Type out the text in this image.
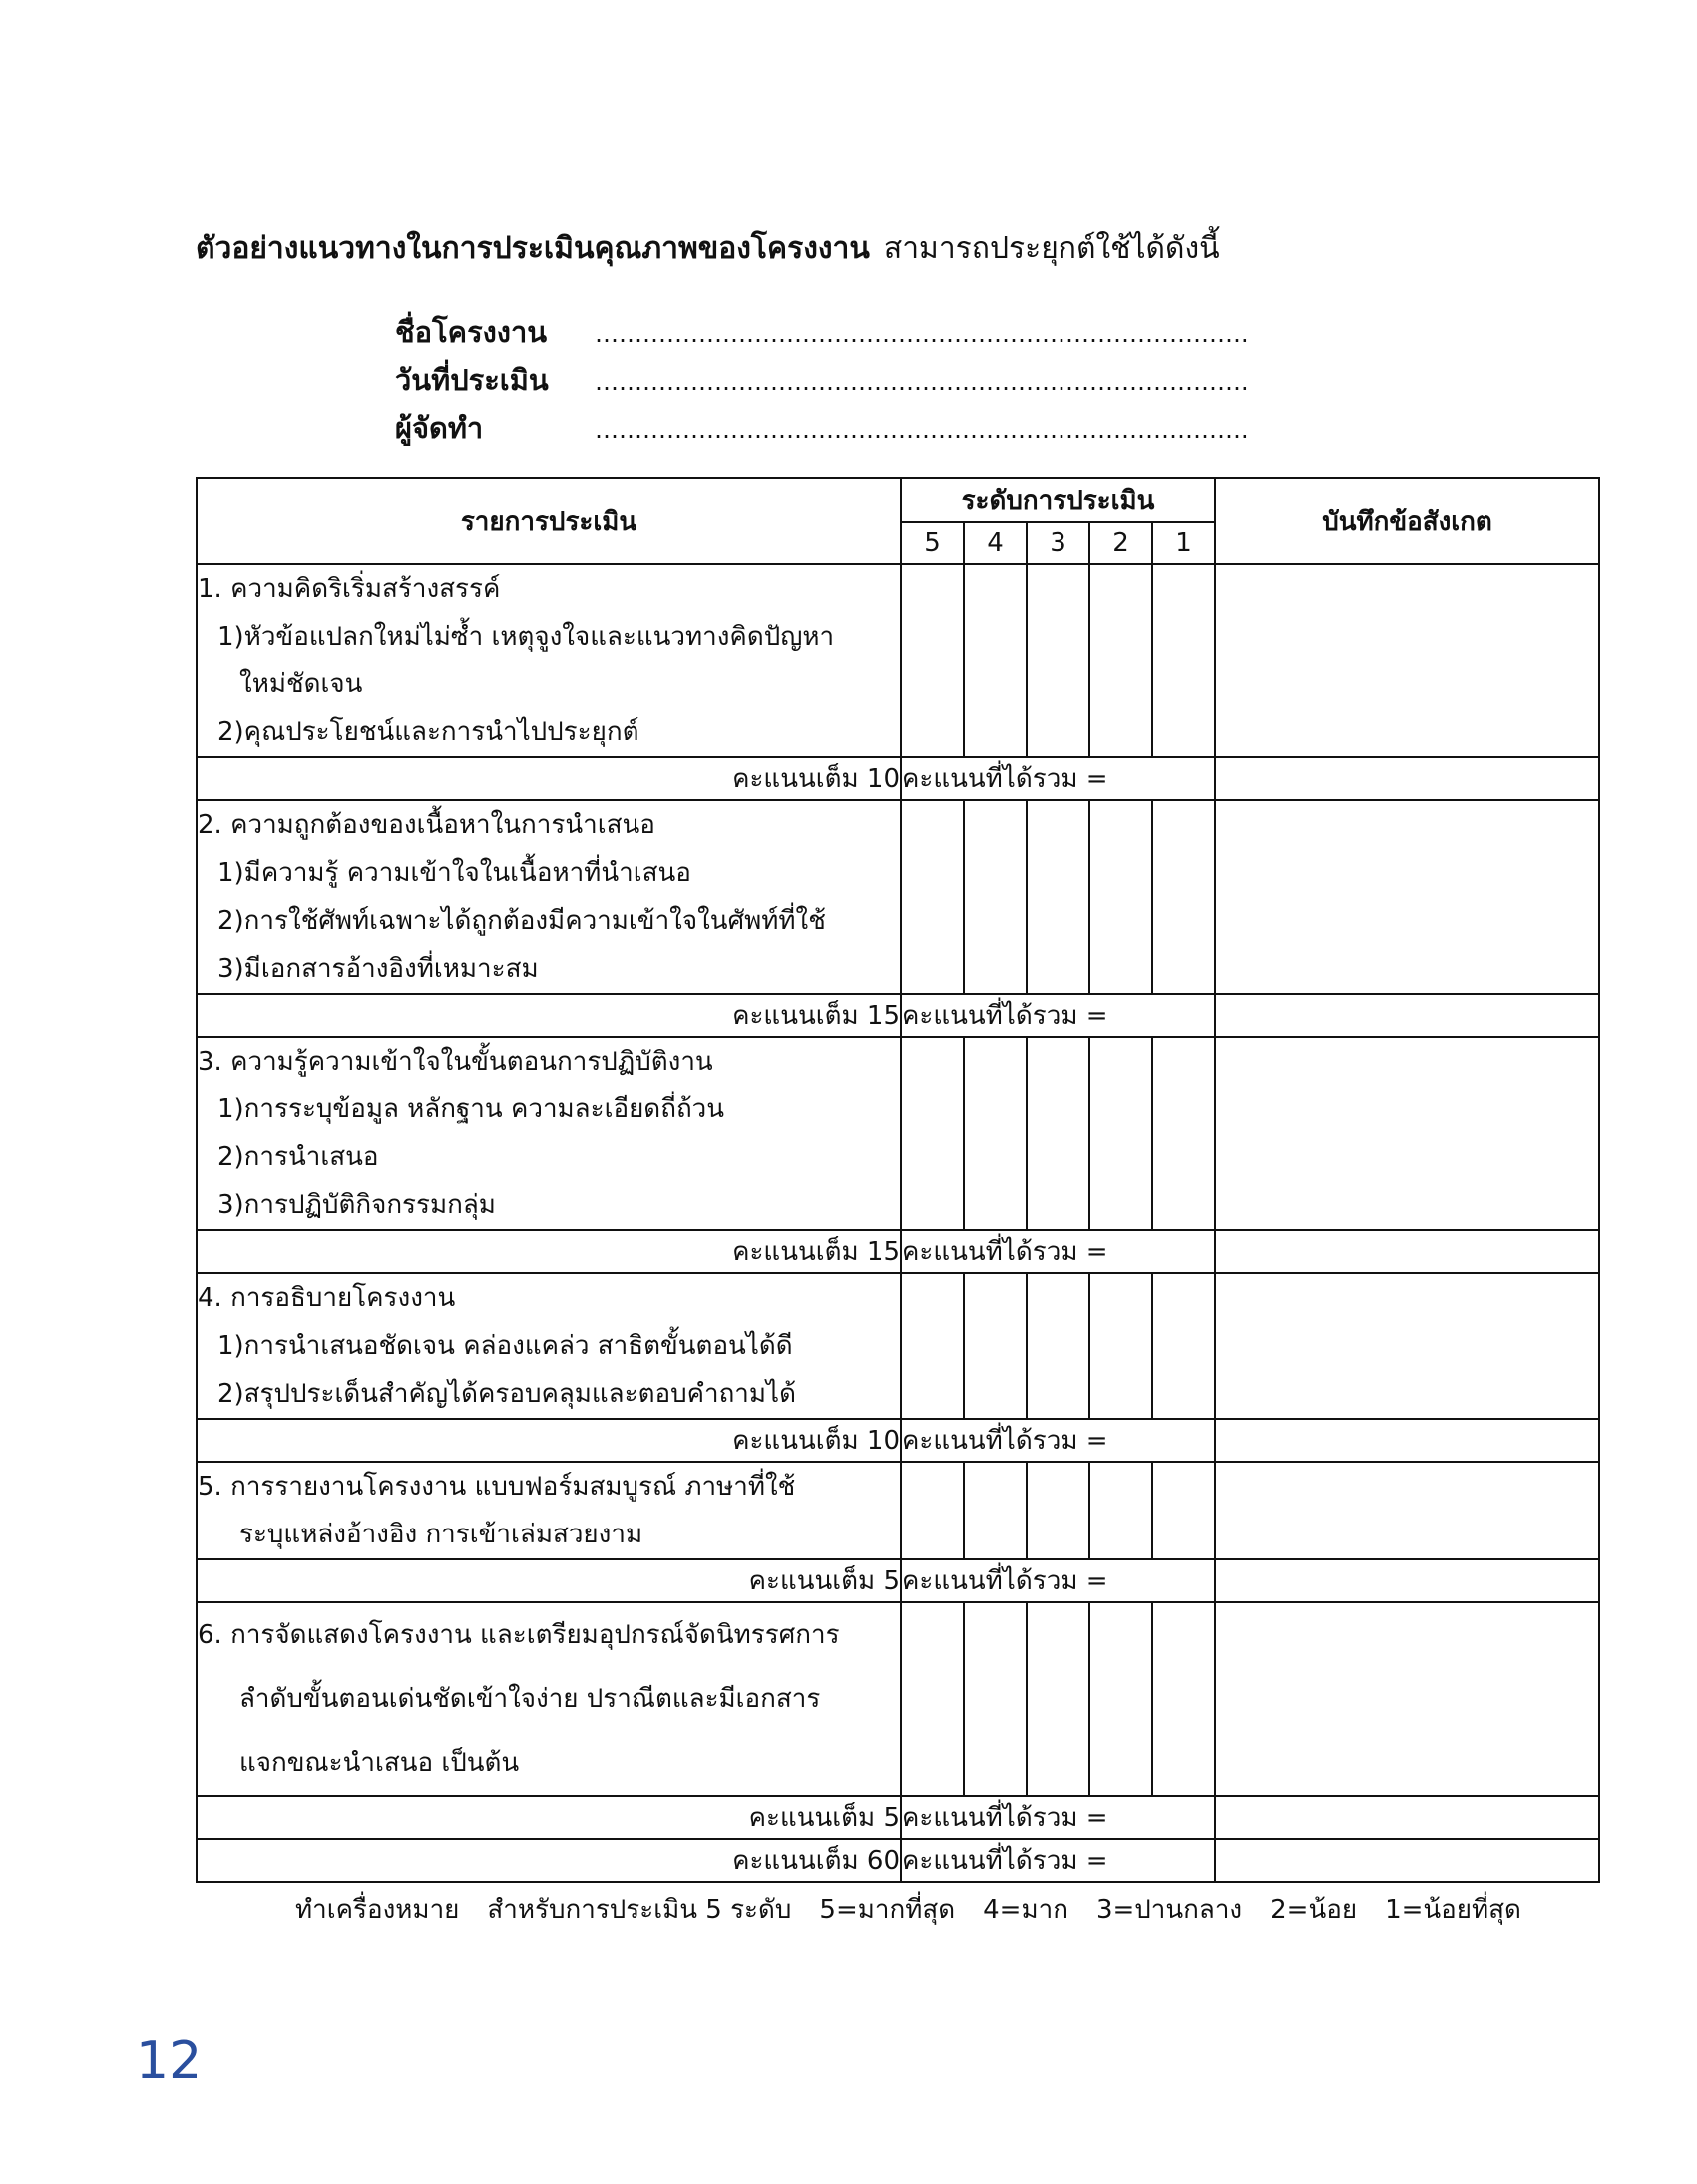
ตัวอย่างแนวทางในการประเมินคุณภาพของโครงงาน สามารถประยุกต์ใช้ได้ดังนี้
ชื่อโครงงาน	……………………………………………………………………….
วันที่ประเมิน	……………………………………………………………………….
ผู้จัดทำ	……………………………………………………………………….
รายการประเมิน	ระดับการประเมิน					บันทึกข้อสังเกต
	5	4	3	2	1	

1. ความคิดริเริ่มสร้างสรรค์
1)หัวข้อแปลกใหม่ไม่ซ้ำ เหตุจูงใจและแนวทางคิดปัญหา
ใหม่ชัดเจน
2)คุณประโยชน์และการนำไปประยุกต์						

คะแนนเต็ม 10	คะแนนที่ได้รวม =					

2. ความถูกต้องของเนื้อหาในการนำเสนอ
1)มีความรู้ ความเข้าใจในเนื้อหาที่นำเสนอ
2)การใช้ศัพท์เฉพาะได้ถูกต้องมีความเข้าใจในศัพท์ที่ใช้
3)มีเอกสารอ้างอิงที่เหมาะสม						

คะแนนเต็ม 15	คะแนนที่ได้รวม =					

3. ความรู้ความเข้าใจในขั้นตอนการปฏิบัติงาน
1)การระบุข้อมูล หลักฐาน ความละเอียดถี่ถ้วน
2)การนำเสนอ
3)การปฏิบัติกิจกรรมกลุ่ม						

คะแนนเต็ม 15	คะแนนที่ได้รวม =					

4. การอธิบายโครงงาน
1)การนำเสนอชัดเจน คล่องแคล่ว สาธิตขั้นตอนได้ดี
2)สรุปประเด็นสำคัญได้ครอบคลุมและตอบคำถามได้						

คะแนนเต็ม 10	คะแนนที่ได้รวม =					

5. การรายงานโครงงาน แบบฟอร์มสมบูรณ์ ภาษาที่ใช้
ระบุแหล่งอ้างอิง การเข้าเล่มสวยงาม						

คะแนนเต็ม 5	คะแนนที่ได้รวม =					

6. การจัดแสดงโครงงาน และเตรียมอุปกรณ์จัดนิทรรศการ
ลำดับขั้นตอนเด่นชัดเข้าใจง่าย ปราณีตและมีเอกสาร
แจกขณะนำเสนอ เป็นต้น						

คะแนนเต็ม 5	คะแนนที่ได้รวม =					
คะแนนเต็ม 60	คะแนนที่ได้รวม =					
ทำเครื่องหมาย สำหรับการประเมิน 5 ระดับ 5=มากที่สุด 4=มาก 3=ปานกลาง 2=น้อย 1=น้อยที่สุด
12
